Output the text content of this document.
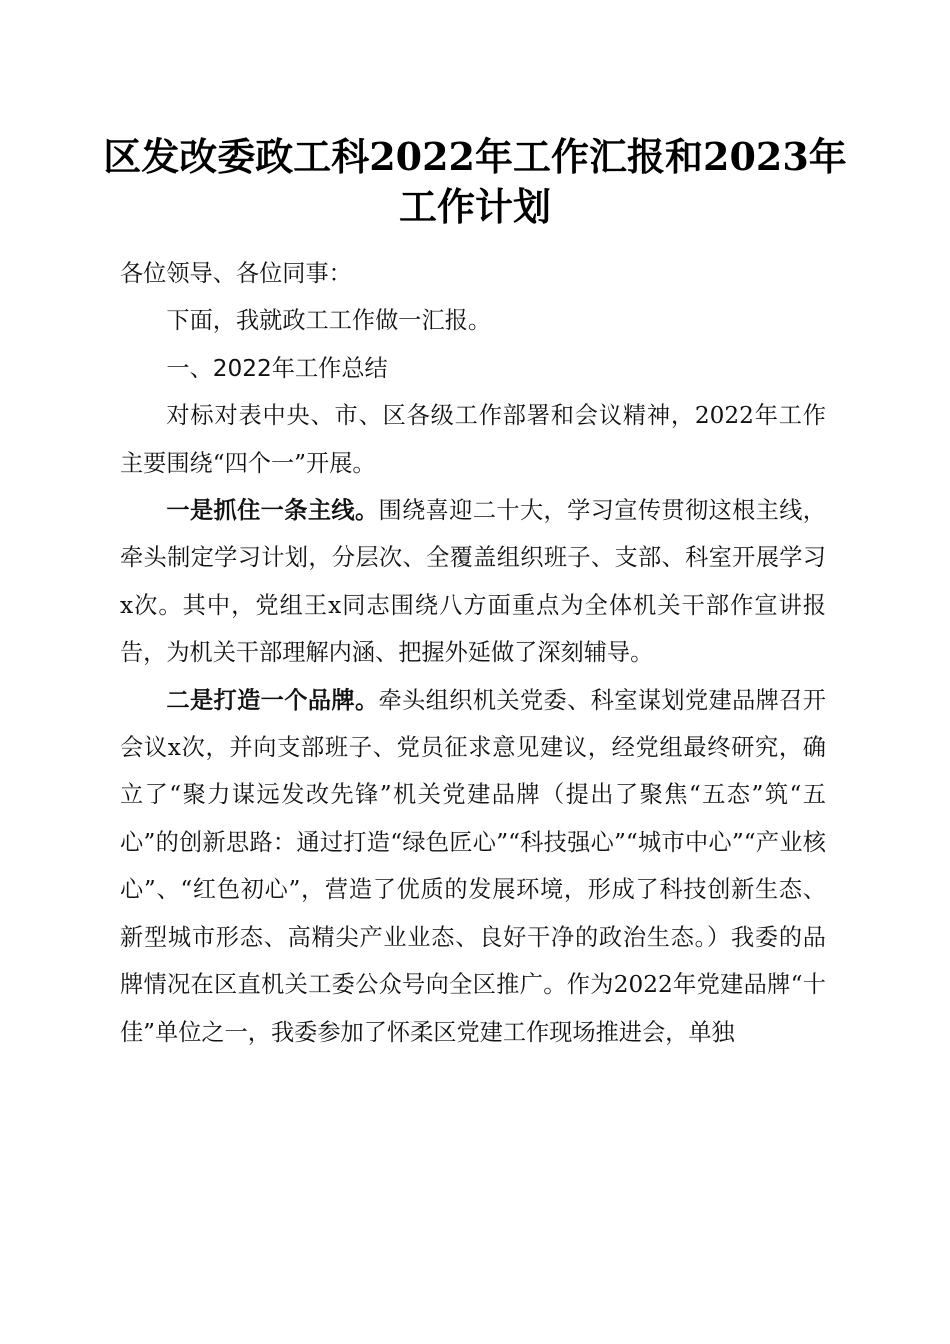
区发改委政工科2022年工作汇报和2023年工作计划

各位领导、各位同事：

下面，我就政工工作做一汇报。

一、2022年工作总结

对标对表中央、市、区各级工作部署和会议精神，2022年工作主要围绕“四个一”开展。

一是抓住一条主线。围绕喜迎二十大，学习宣传贯彻这根主线，牵头制定学习计划，分层次、全覆盖组织班子、支部、科室开展学习x次。其中，党组王x同志围绕八方面重点为全体机关干部作宣讲报告，为机关干部理解内涵、把握外延做了深刻辅导。

二是打造一个品牌。牵头组织机关党委、科室谋划党建品牌召开会议x次，并向支部班子、党员征求意见建议，经党组最终研究，确立了“聚力谋远发改先锋”机关党建品牌（提出了聚焦“五态”筑“五心”的创新思路：通过打造“绿色匠心”“科技强心”“城市中心”“产业核心”、“红色初心”，营造了优质的发展环境，形成了科技创新生态、新型城市形态、高精尖产业业态、良好干净的政治生态。）我委的品牌情况在区直机关工委公众号向全区推广。作为2022年党建品牌“十佳”单位之一，我委参加了怀柔区党建工作现场推进会，单独
